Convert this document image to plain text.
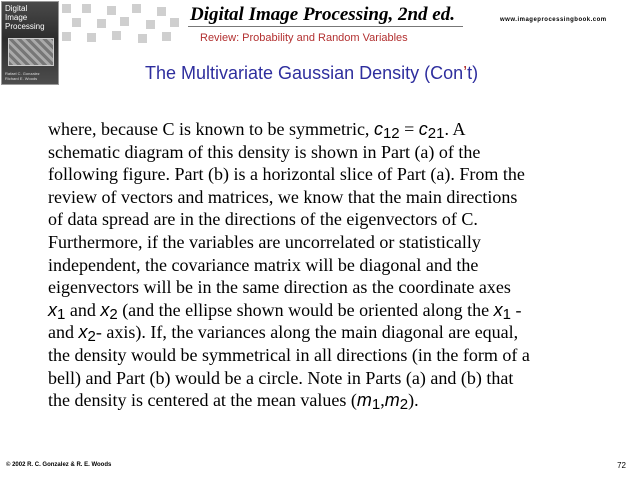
Digital
Image
Processing
Rafael C. Gonzalez
Richard E. Woods
Digital Image Processing, 2nd ed.	www.imageprocessingbook.com
Review: Probability and Random Variables
The Multivariate Gaussian Density (Con’t)
where, because C is known to be symmetric, c12 = c21. A
schematic diagram of this density is shown in Part (a) of the
following figure. Part (b) is a horizontal slice of Part (a). From the
review of vectors and matrices, we know that the main directions
of data spread are in the directions of the eigenvectors of C.
Furthermore, if the variables are uncorrelated or statistically
independent, the covariance matrix will be diagonal and the
eigenvectors will be in the same direction as the coordinate axes
x1 and x2 (and the ellipse shown would be oriented along the x1 -
and x2- axis). If, the variances along the main diagonal are equal,
the density would be symmetrical in all directions (in the form of a
bell) and Part (b) would be a circle. Note in Parts (a) and (b) that
the density is centered at the mean values (m1,m2).
© 2002 R. C. Gonzalez & R. E. Woods	72
